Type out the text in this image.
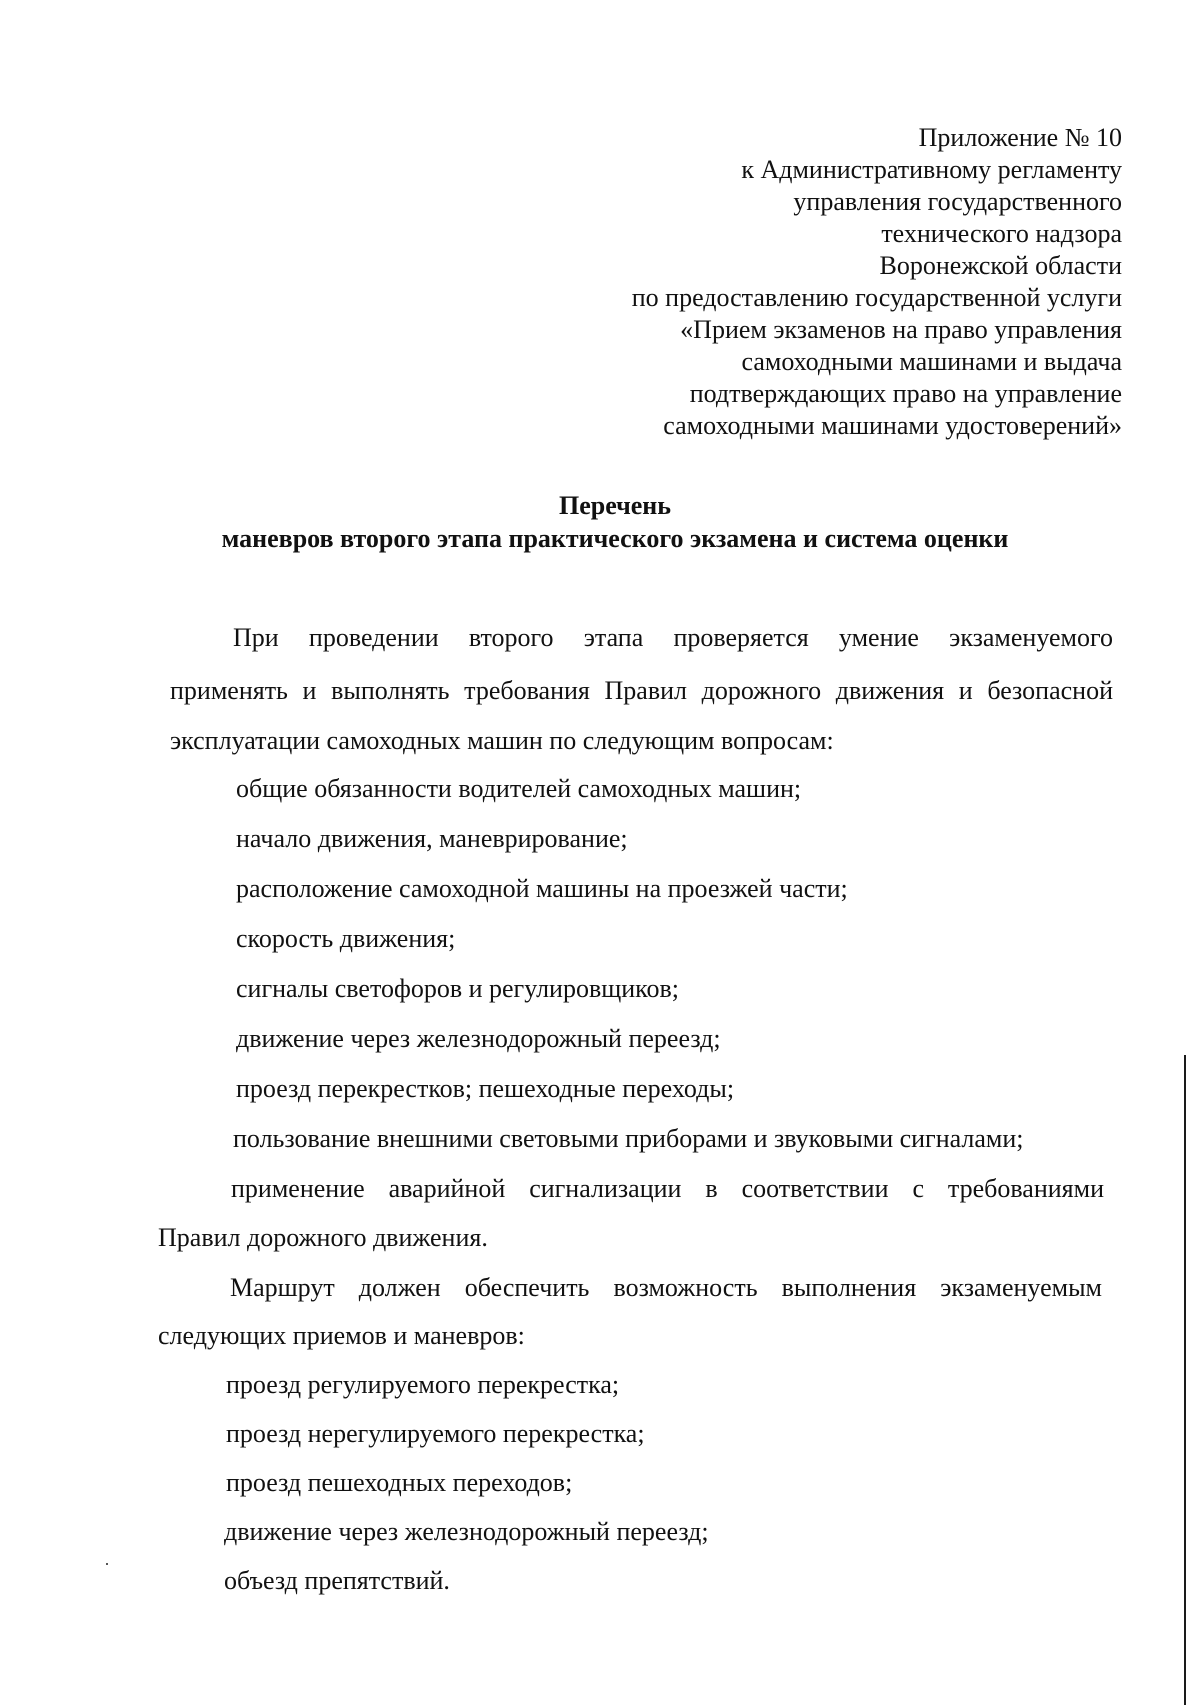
Приложение № 10
к Административному регламенту
управления государственного
технического надзора
Воронежской области
по предоставлению государственной услуги
«Прием экзаменов на право управления
самоходными машинами и выдача
подтверждающих право на управление
самоходными машинами удостоверений»
Перечень
маневров второго этапа практического экзамена и система оценки
При проведении второго этапа проверяется умение экзаменуемого
применять и выполнять требования Правил дорожного движения и безопасной
эксплуатации самоходных машин по следующим вопросам:
общие обязанности водителей самоходных машин;
начало движения, маневрирование;
расположение самоходной машины на проезжей части;
скорость движения;
сигналы светофоров и регулировщиков;
движение через железнодорожный переезд;
проезд перекрестков; пешеходные переходы;
пользование внешними световыми приборами и звуковыми сигналами;
применение аварийной сигнализации в соответствии с требованиями
Правил дорожного движения.
Маршрут должен обеспечить возможность выполнения экзаменуемым
следующих приемов и маневров:
проезд регулируемого перекрестка;
проезд нерегулируемого перекрестка;
проезд пешеходных переходов;
движение через железнодорожный переезд;
объезд препятствий.
